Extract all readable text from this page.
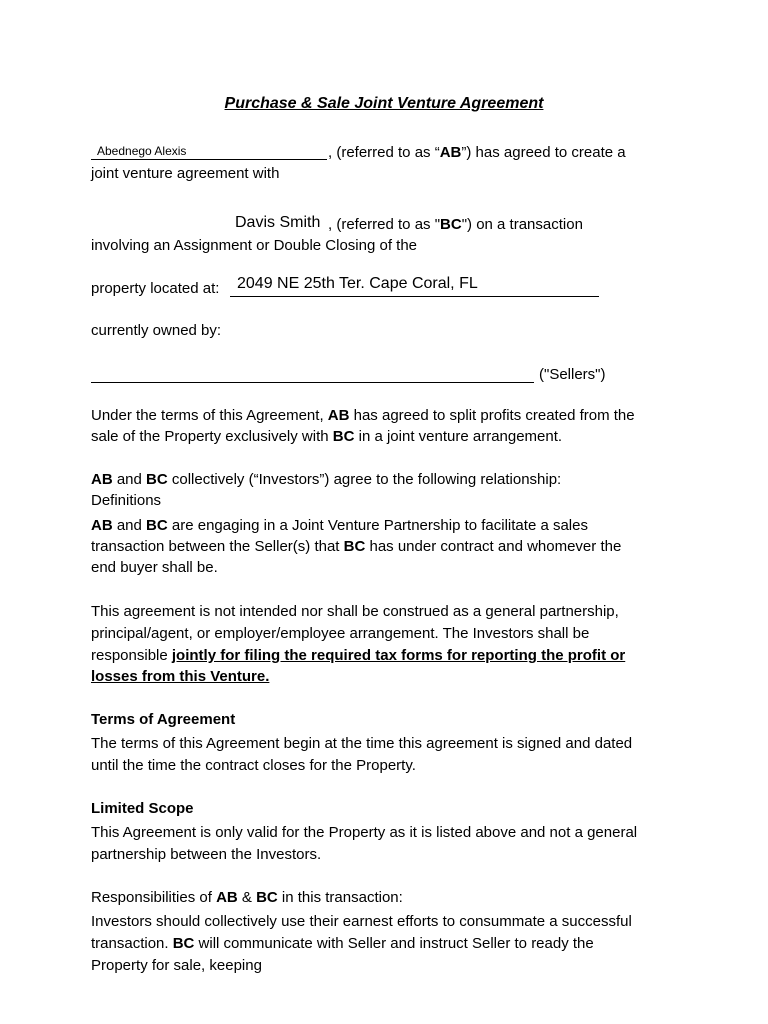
Purchase & Sale Joint Venture Agreement
Abednego Alexis	, (referred to as “AB”) has agreed to create a
joint venture agreement with
Davis Smith , (referred to as "BC") on a transaction
involving an Assignment or Double Closing of the
property located at: 2049 NE 25th Ter. Cape Coral, FL
currently owned by:
("Sellers")
Under the terms of this Agreement, AB has agreed to split profits created from the
sale of the Property exclusively with BC in a joint venture arrangement.
AB and BC collectively (“Investors”) agree to the following relationship:
Definitions
AB and BC are engaging in a Joint Venture Partnership to facilitate a sales
transaction between the Seller(s) that BC has under contract and whomever the
end buyer shall be.
This agreement is not intended nor shall be construed as a general partnership,
principal/agent, or employer/employee arrangement. The Investors shall be
responsible jointly for filing the required tax forms for reporting the profit or
losses from this Venture.
Terms of Agreement
The terms of this Agreement begin at the time this agreement is signed and dated
until the time the contract closes for the Property.
Limited Scope
This Agreement is only valid for the Property as it is listed above and not a general
partnership between the Investors.
Responsibilities of AB & BC in this transaction:
Investors should collectively use their earnest efforts to consummate a successful
transaction. BC will communicate with Seller and instruct Seller to ready the
Property for sale, keeping
